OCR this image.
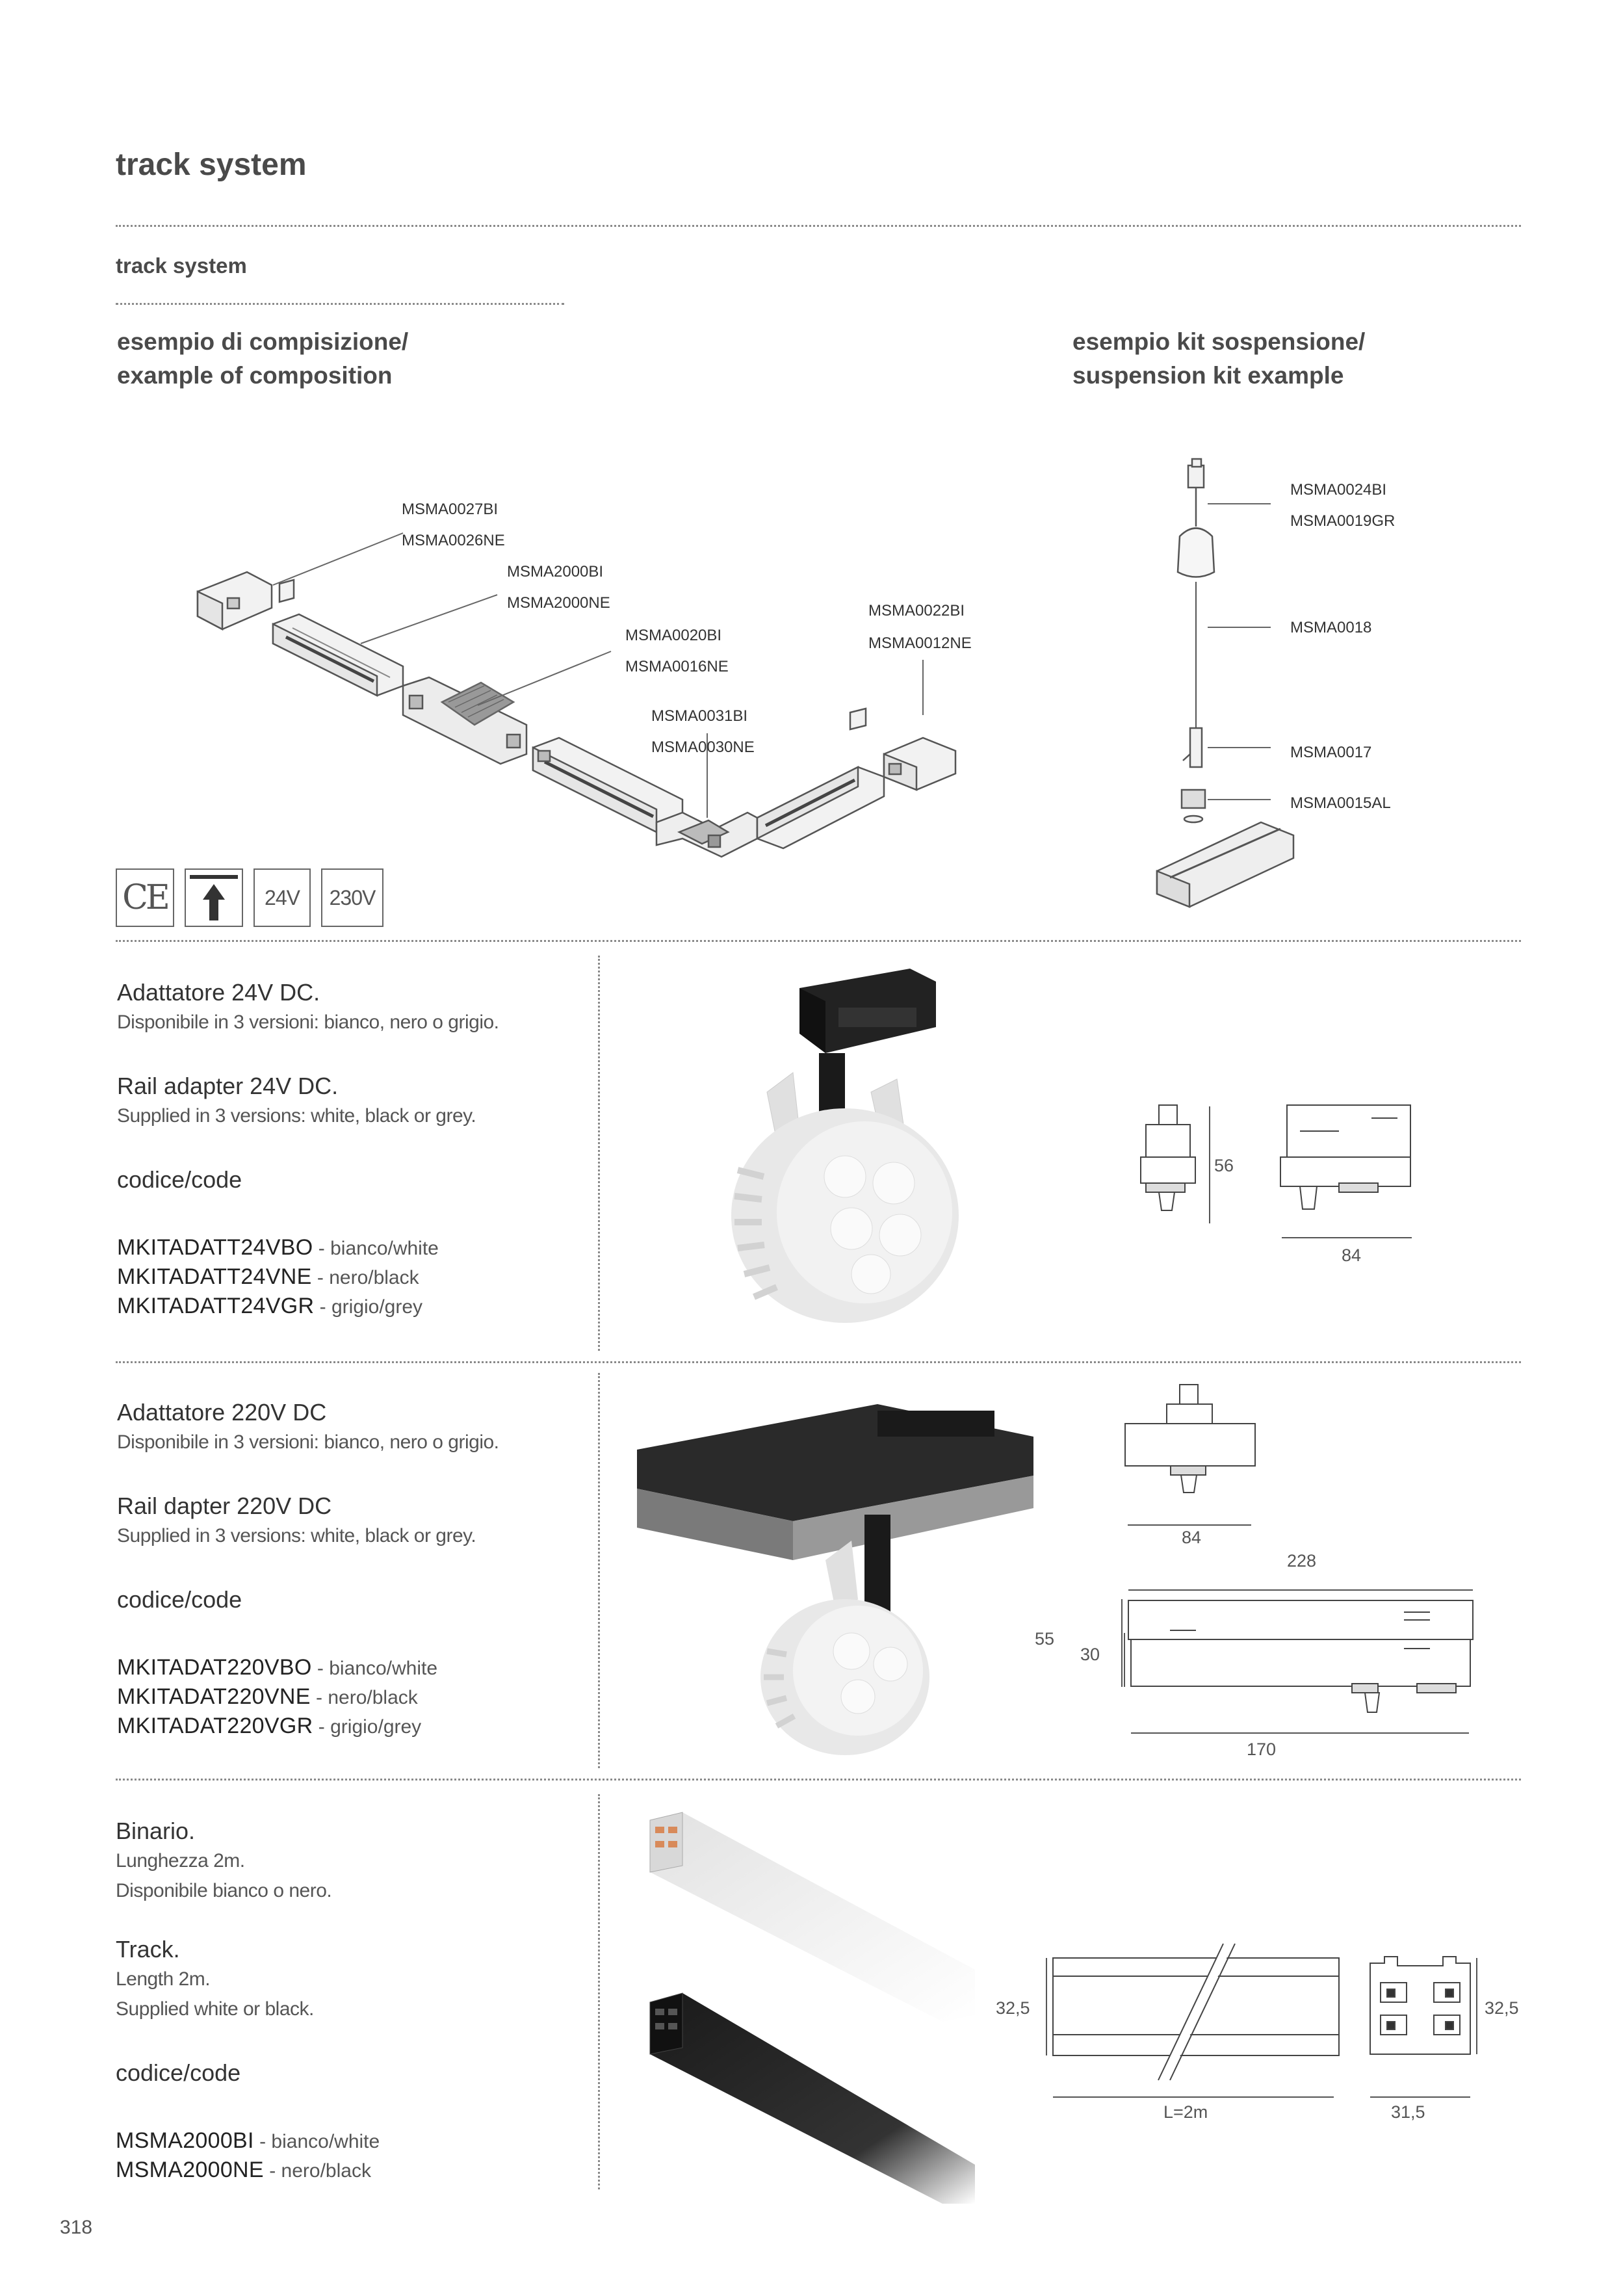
track system
track system
esempio di compisizione/
example of composition
esempio kit sospensione/
suspension kit example
MSMA0027BI
MSMA0026NE
MSMA2000BI
MSMA2000NE
MSMA0020BI
MSMA0016NE
MSMA0022BI
MSMA0012NE
MSMA0031BI
MSMA0030NE
MSMA0024BI
MSMA0019GR
MSMA0018
MSMA0017
MSMA0015AL
CE	24V 230V
Adattatore 24V DC.
Disponibile in 3 versioni: bianco, nero o grigio.
Rail adapter 24V DC.
Supplied in 3 versions: white, black or grey.
codice/code
MKITADATT24VBO - bianco/white
MKITADATT24VNE - nero/black
MKITADATT24VGR - grigio/grey
56
84
Adattatore 220V DC
Disponibile in 3 versioni: bianco, nero o grigio.
Rail dapter 220V DC
Supplied in 3 versions: white, black or grey.
codice/code
MKITADAT220VBO - bianco/white
MKITADAT220VNE - nero/black
MKITADAT220VGR - grigio/grey
84
228
55
30
170
Binario.
Lunghezza 2m.
Disponibile bianco o nero.
Track.
Length 2m.
Supplied white or black.
codice/code
MSMA2000BI - bianco/white
MSMA2000NE - nero/black
32,5
L=2m
32,5
31,5
318
